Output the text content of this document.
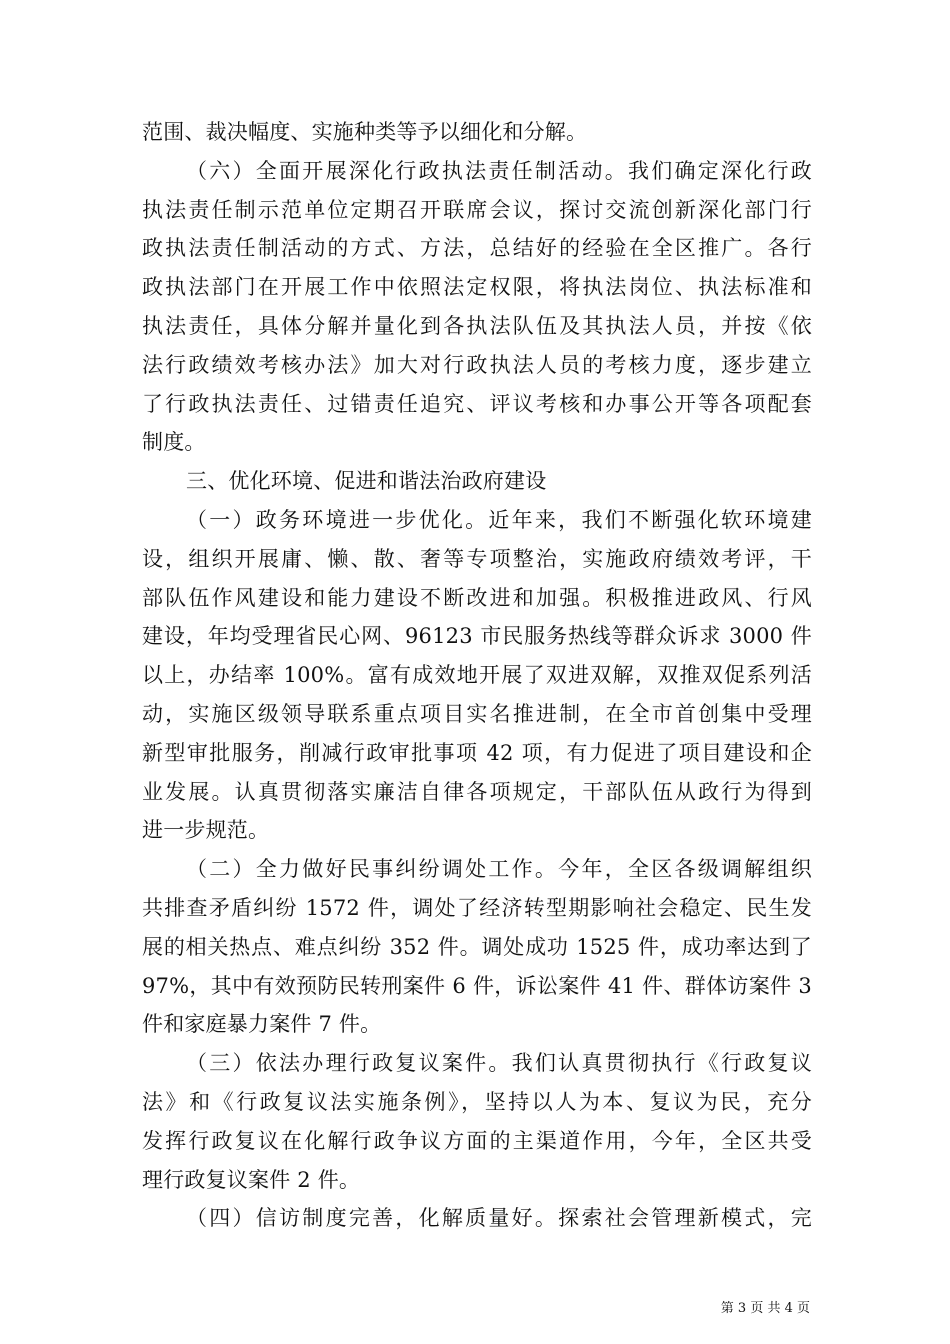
范围、裁决幅度、实施种类等予以细化和分解。
（六）全面开展深化行政执法责任制活动。我们确定深化行政
执法责任制示范单位定期召开联席会议，探讨交流创新深化部门行
政执法责任制活动的方式、方法，总结好的经验在全区推广。各行
政执法部门在开展工作中依照法定权限，将执法岗位、执法标准和
执法责任，具体分解并量化到各执法队伍及其执法人员，并按《依
法行政绩效考核办法》加大对行政执法人员的考核力度，逐步建立
了行政执法责任、过错责任追究、评议考核和办事公开等各项配套
制度。
三、优化环境、促进和谐法治政府建设
（一）政务环境进一步优化。近年来，我们不断强化软环境建
设，组织开展庸、懒、散、奢等专项整治，实施政府绩效考评，干
部队伍作风建设和能力建设不断改进和加强。积极推进政风、行风
建设，年均受理省民心网、96123 市民服务热线等群众诉求 3000 件
以上，办结率 100%。富有成效地开展了双进双解，双推双促系列活
动，实施区级领导联系重点项目实名推进制，在全市首创集中受理
新型审批服务，削减行政审批事项 42 项，有力促进了项目建设和企
业发展。认真贯彻落实廉洁自律各项规定，干部队伍从政行为得到
进一步规范。
（二）全力做好民事纠纷调处工作。今年，全区各级调解组织
共排查矛盾纠纷 1572 件，调处了经济转型期影响社会稳定、民生发
展的相关热点、难点纠纷 352 件。调处成功 1525 件，成功率达到了
97%，其中有效预防民转刑案件 6 件，诉讼案件 41 件、群体访案件 3
件和家庭暴力案件 7 件。
（三）依法办理行政复议案件。我们认真贯彻执行《行政复议
法》和《行政复议法实施条例》，坚持以人为本、复议为民，充分
发挥行政复议在化解行政争议方面的主渠道作用，今年，全区共受
理行政复议案件 2 件。
（四）信访制度完善，化解质量好。探索社会管理新模式，完
第 3 页 共 4 页
